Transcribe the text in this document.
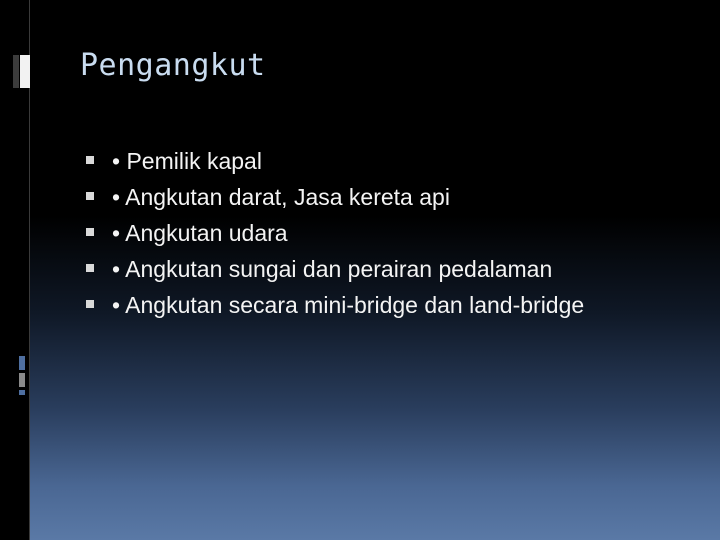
Pengangkut
• Pemilik kapal
• Angkutan darat, Jasa kereta api
• Angkutan udara
• Angkutan sungai dan perairan pedalaman
• Angkutan secara mini-bridge dan land-bridge
